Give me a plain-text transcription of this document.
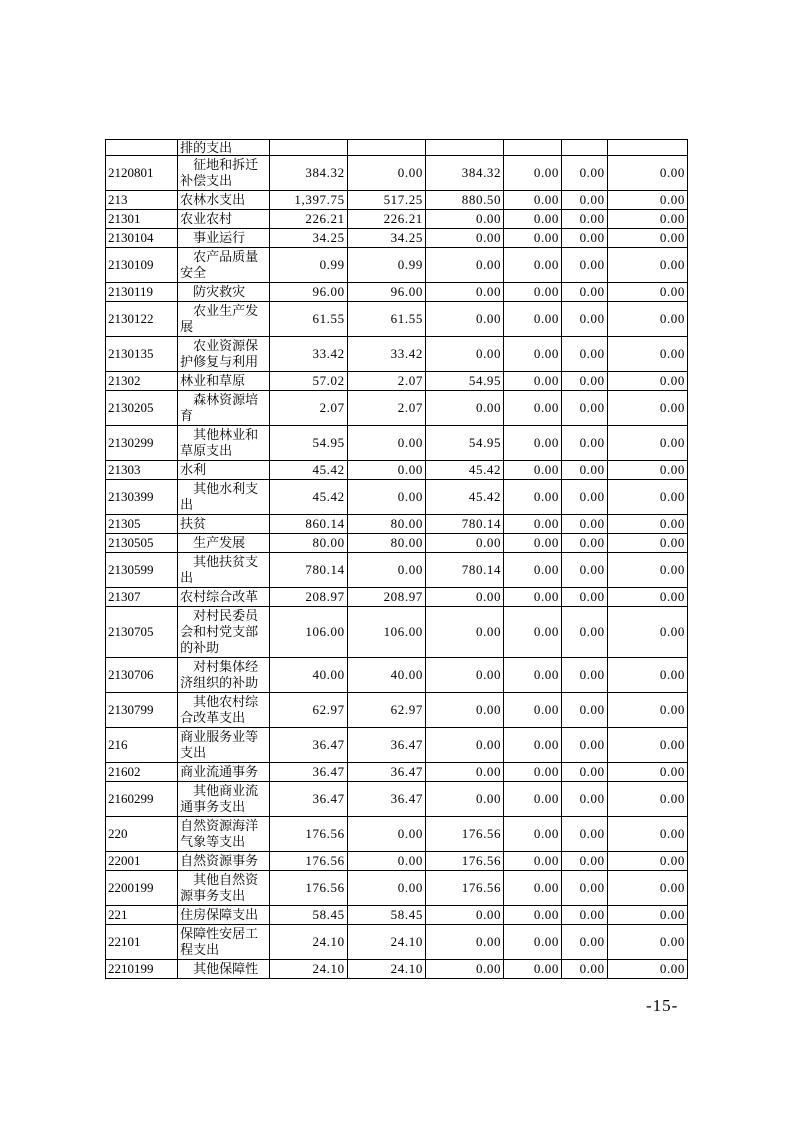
	排的支出						
2120801	征地和拆迁补偿支出	384.32	0.00	384.32	0.00	0.00	0.00
213	农林水支出	1,397.75	517.25	880.50	0.00	0.00	0.00
21301	农业农村	226.21	226.21	0.00	0.00	0.00	0.00
2130104	事业运行	34.25	34.25	0.00	0.00	0.00	0.00
2130109	农产品质量安全	0.99	0.99	0.00	0.00	0.00	0.00
2130119	防灾救灾	96.00	96.00	0.00	0.00	0.00	0.00
2130122	农业生产发展	61.55	61.55	0.00	0.00	0.00	0.00
2130135	农业资源保护修复与利用	33.42	33.42	0.00	0.00	0.00	0.00
21302	林业和草原	57.02	2.07	54.95	0.00	0.00	0.00
2130205	森林资源培育	2.07	2.07	0.00	0.00	0.00	0.00
2130299	其他林业和草原支出	54.95	0.00	54.95	0.00	0.00	0.00
21303	水利	45.42	0.00	45.42	0.00	0.00	0.00
2130399	其他水利支出	45.42	0.00	45.42	0.00	0.00	0.00
21305	扶贫	860.14	80.00	780.14	0.00	0.00	0.00
2130505	生产发展	80.00	80.00	0.00	0.00	0.00	0.00
2130599	其他扶贫支出	780.14	0.00	780.14	0.00	0.00	0.00
21307	农村综合改革	208.97	208.97	0.00	0.00	0.00	0.00
2130705	对村民委员会和村党支部的补助	106.00	106.00	0.00	0.00	0.00	0.00
2130706	对村集体经济组织的补助	40.00	40.00	0.00	0.00	0.00	0.00
2130799	其他农村综合改革支出	62.97	62.97	0.00	0.00	0.00	0.00
216	商业服务业等支出	36.47	36.47	0.00	0.00	0.00	0.00
21602	商业流通事务	36.47	36.47	0.00	0.00	0.00	0.00
2160299	其他商业流通事务支出	36.47	36.47	0.00	0.00	0.00	0.00
220	自然资源海洋气象等支出	176.56	0.00	176.56	0.00	0.00	0.00
22001	自然资源事务	176.56	0.00	176.56	0.00	0.00	0.00
2200199	其他自然资源事务支出	176.56	0.00	176.56	0.00	0.00	0.00
221	住房保障支出	58.45	58.45	0.00	0.00	0.00	0.00
22101	保障性安居工程支出	24.10	24.10	0.00	0.00	0.00	0.00
2210199	其他保障性	24.10	24.10	0.00	0.00	0.00	0.00
-15-
